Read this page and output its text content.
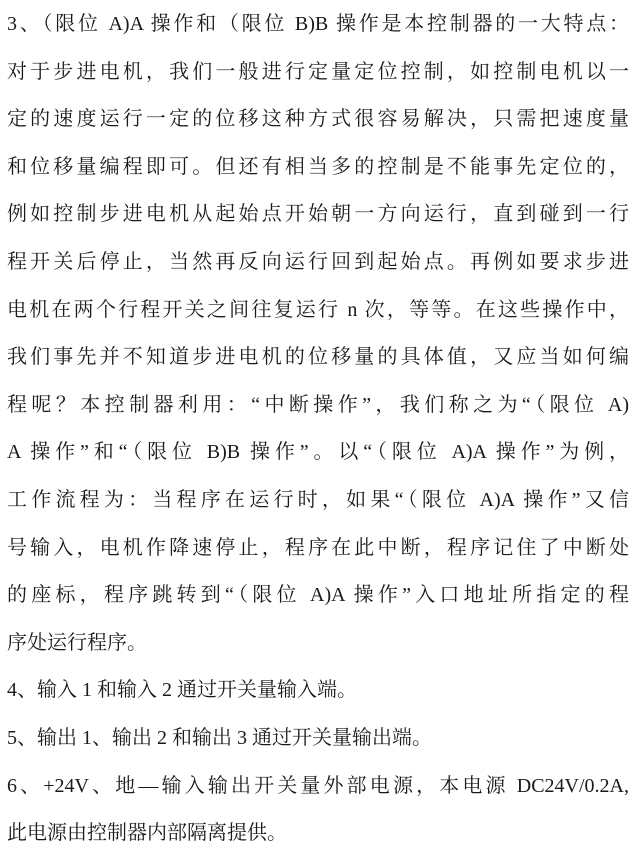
3、（限位 A)A 操作和（限位 B)B 操作是本控制器的一大特点：
对于步进电机，我们一般进行定量定位控制，如控制电机以一
定的速度运行一定的位移这种方式很容易解决，只需把速度量
和位移量编程即可。但还有相当多的控制是不能事先定位的，
例如控制步进电机从起始点开始朝一方向运行，直到碰到一行
程开关后停止，当然再反向运行回到起始点。再例如要求步进
电机在两个行程开关之间往复运行 n 次，等等。在这些操作中，
我们事先并不知道步进电机的位移量的具体值，又应当如何编
程呢？本控制器利用：“中断操作”，我们称之为“（限位 A)
A 操作”和“（限位 B)B 操作”。以“（限位 A)A 操作”为例，
工作流程为：当程序在运行时，如果“（限位 A)A 操作”又信
号输入，电机作降速停止，程序在此中断，程序记住了中断处
的座标，程序跳转到“（限位 A)A 操作”入口地址所指定的程
序处运行程序。
4、输入 1 和输入 2 通过开关量输入端。
5、输出 1、输出 2 和输出 3 通过开关量输出端。
6、+24V、地—输入输出开关量外部电源，本电源 DC24V/0.2A,
此电源由控制器内部隔离提供。
